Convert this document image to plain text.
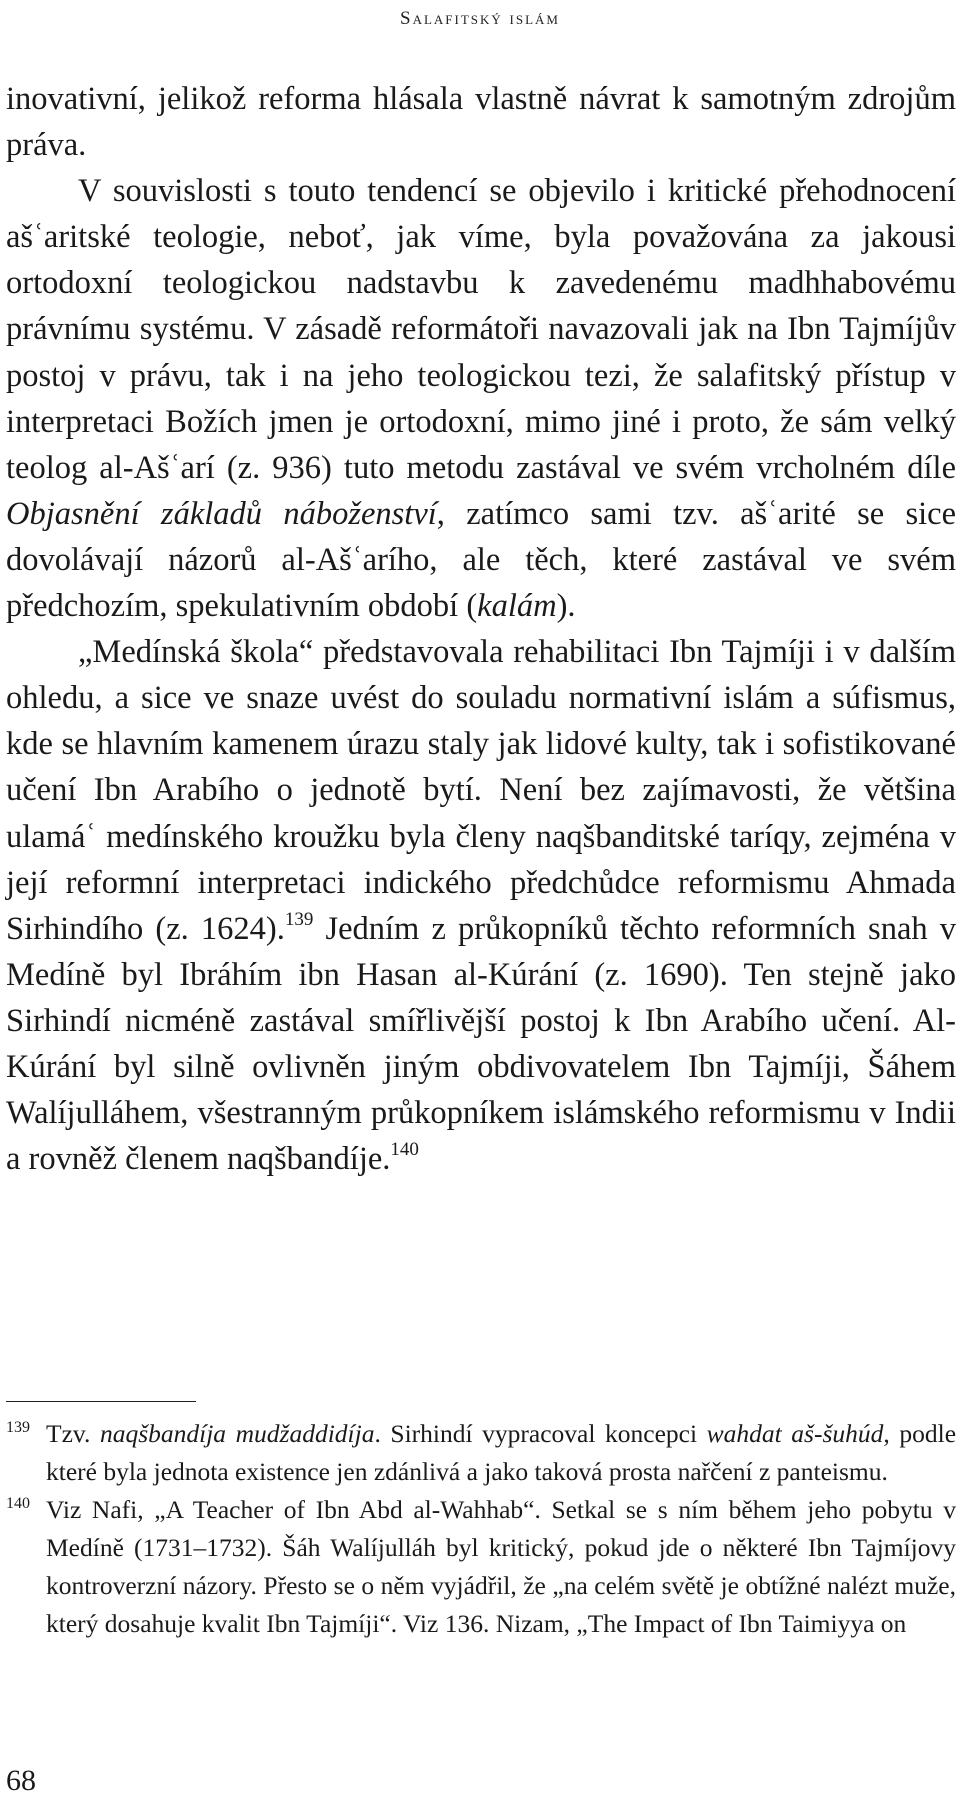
Salafitský islám

inovativní, jelikož reforma hlásala vlastně návrat k samotným zdrojům práva.

V souvislosti s touto tendencí se objevilo i kritické přehodnocení ašʿaritské teologie, neboť, jak víme, byla považována za jakousi ortodoxní teologickou nadstavbu k zavedenému madhhabovému právnímu systému. V zásadě reformátoři navazovali jak na Ibn Tajmíjův postoj v právu, tak i na jeho teologickou tezi, že salafitský přístup v interpretaci Božích jmen je ortodoxní, mimo jiné i proto, že sám velký teolog al-Ašʿarí (z. 936) tuto metodu zastával ve svém vrcholném díle Objasnění základů náboženství, zatímco sami tzv. ašʿarité se sice dovolávají názorů al-Ašʿarího, ale těch, které zastával ve svém předchozím, spekulativním období (kalám).

„Medínská škola“ představovala rehabilitaci Ibn Tajmíji i v dalším ohledu, a sice ve snaze uvést do souladu normativní islám a súfismus, kde se hlavním kamenem úrazu staly jak lidové kulty, tak i sofistikované učení Ibn Arabího o jednotě bytí. Není bez zajímavosti, že většina ulamáʿ medínského kroužku byla členy naqšbanditské taríqy, zejména v její reformní interpretaci indického předchůdce reformismu Ahmada Sirhindího (z. 1624).$^{139}$ Jedním z průkopníků těchto reformních snah v Medíně byl Ibráhím ibn Hasan al-Kúrání (z. 1690). Ten stejně jako Sirhindí nicméně zastával smířlivější postoj k Ibn Arabího učení. Al-Kúrání byl silně ovlivněn jiným obdivovatelem Ibn Tajmíji, Šáhem Walíjulláhem, všestranným průkopníkem islámského reformismu v Indii a rovněž členem naqšbandíje.$^{140}$

139 Tzv. naqšbandíja mudžaddidíja. Sirhindí vypracoval koncepci wahdat aš-šuhúd, podle které byla jednota existence jen zdánlivá a jako taková prosta nařčení z panteismu.
140 Viz Nafi, „A Teacher of Ibn Abd al-Wahhab“. Setkal se s ním během jeho pobytu v Medíně (1731–1732). Šáh Walíjulláh byl kritický, pokud jde o některé Ibn Tajmíjovy kontroverzní názory. Přesto se o něm vyjádřil, že „na celém světě je obtížné nalézt muže, který dosahuje kvalit Ibn Tajmíji“. Viz 136. Nizam, „The Impact of Ibn Taimiyya on
68
